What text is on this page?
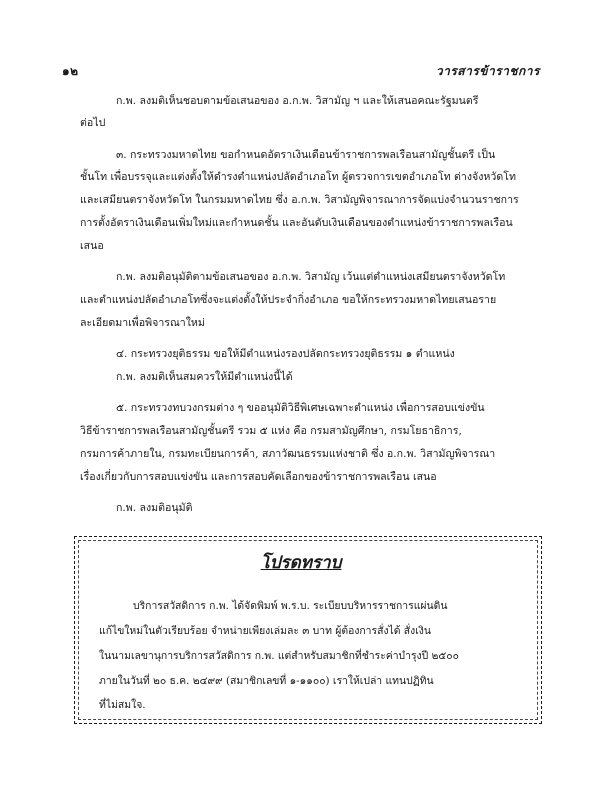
๑๒	วารสารข้าราชการ
ก.พ. ลงมติเห็นชอบตามข้อเสนอของ อ.ก.พ. วิสามัญ ฯ และให้เสนอคณะรัฐมนตรี
ต่อไป
๓. กระทรวงมหาดไทย ขอกำหนดอัตราเงินเดือนข้าราชการพลเรือนสามัญชั้นตรี เป็น
ชั้นโท เพื่อบรรจุและแต่งตั้งให้ดำรงตำแหน่งปลัดอำเภอโท ผู้ตรวจการเขตอำเภอโท ต่างจังหวัดโท
และเสมียนตราจังหวัดโท ในกรมมหาดไทย ซึ่ง อ.ก.พ. วิสามัญพิจารณาการจัดแบ่งจำนวนราชการ
การตั้งอัตราเงินเดือนเพิ่มใหม่และกำหนดชั้น และอันดับเงินเดือนของตำแหน่งข้าราชการพลเรือน
เสนอ
ก.พ. ลงมติอนุมัติตามข้อเสนอของ อ.ก.พ. วิสามัญ เว้นแต่ตำแหน่งเสมียนตราจังหวัดโท
และตำแหน่งปลัดอำเภอโทซึ่งจะแต่งตั้งให้ประจำกิ่งอำเภอ ขอให้กระทรวงมหาดไทยเสนอราย
ละเอียดมาเพื่อพิจารณาใหม่
๔. กระทรวงยุติธรรม ขอให้มีตำแหน่งรองปลัดกระทรวงยุติธรรม ๑ ตำแหน่ง
ก.พ. ลงมติเห็นสมควรให้มีตำแหน่งนี้ได้
๕. กระทรวงทบวงกรมต่าง ๆ ขออนุมัติวิธีพิเศษเฉพาะตำแหน่ง เพื่อการสอบแข่งขัน
วิธีข้าราชการพลเรือนสามัญชั้นตรี รวม ๕ แห่ง คือ กรมสามัญศึกษา, กรมโยธาธิการ,
กรมการค้าภายใน, กรมทะเบียนการค้า, สภาวัฒนธรรมแห่งชาติ ซึ่ง อ.ก.พ. วิสามัญพิจารณา
เรื่องเกี่ยวกับการสอบแข่งขัน และการสอบคัดเลือกของข้าราชการพลเรือน เสนอ
ก.พ. ลงมติอนุมัติ
โปรดทราบ
บริการสวัสดิการ ก.พ. ได้จัดพิมพ์ พ.ร.บ. ระเบียบบริหารราชการแผ่นดิน
แก้ไขใหม่ในตัวเรียบร้อย จำหน่ายเพียงเล่มละ ๓ บาท ผู้ต้องการสั่งได้ สั่งเงิน
ในนามเลขานุการบริการสวัสดิการ ก.พ. แต่สำหรับสมาชิกที่ชำระค่าบำรุงปี ๒๕๐๐
ภายในวันที่ ๒๐ ธ.ค. ๒๔๙๙ (สมาชิกเลขที่ ๑-๑๑๐๐) เราให้เปล่า แทนปฏิทิน
ที่ไม่สมใจ.
